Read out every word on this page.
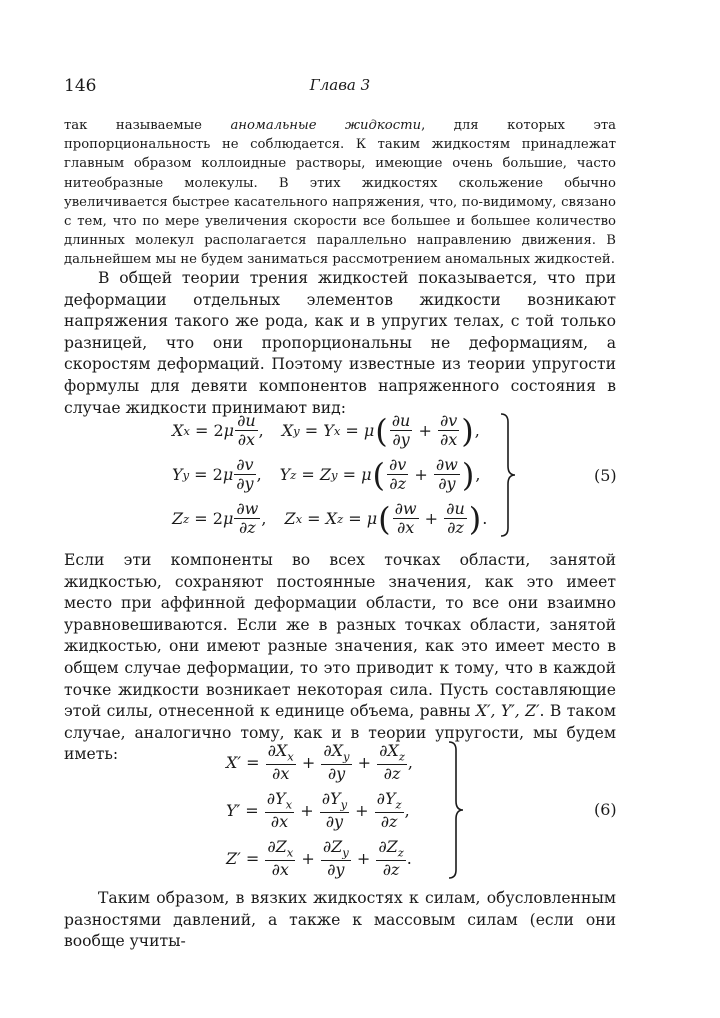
146	Глава 3

так называемые аномальные жидкости, для которых эта пропорциональность не соблюдается. К таким жидкостям принадлежат главным образом коллоидные растворы, имеющие очень большие, часто нитеобразные молекулы. В этих жидкостях скольжение обычно увеличивается быстрее касательного напряжения, что, по-видимому, связано с тем, что по мере увеличения скорости все большее и большее количество длинных молекул располагается параллельно направлению движения. В дальнейшем мы не будем заниматься рассмотрением аномальных жидкостей.

В общей теории трения жидкостей показывается, что при деформации отдельных элементов жидкости возникают напряжения такого же рода, как и в упругих телах, с той только разницей, что они пропорциональны не деформациям, а скоростям деформаций. Поэтому известные из теории упругости формулы для девяти компонентов напряженного состояния в случае жидкости принимают вид:

X x
=
2 μ $\frac{\partial u}{\partial x}$ , X y
= Y x
= μ ( $\frac{\partial u}{\partial y}$
+
$\frac{\partial v}{\partial x}$ ) ,
Y y
=
2 μ $\frac{\partial v}{\partial y}$ , Y z
= Z y
= μ ( $\frac{\partial v}{\partial z}$
+
$\frac{\partial w}{\partial y}$ ) ,
Z z
=
2 μ $\frac{\partial w}{\partial z}$ , Z x
= X z
= μ ( $\frac{\partial w}{\partial x}$
+
$\frac{\partial u}{\partial z}$ ) .
(5)

Если эти компоненты во всех точках области, занятой жидкостью, сохраняют постоянные значения, как это имеет место при аффинной деформации области, то все они взаимно уравновешиваются. Если же в разных точках области, занятой жидкостью, они имеют разные значения, как это имеет место в общем случае деформации, то это приводит к тому, что в каждой точке жидкости возникает некоторая сила. Пусть составляющие этой силы, отнесенной к единице объема, равны X′, Y′, Z′. В таком случае, аналогично тому, как и в теории упругости, мы будем иметь:	X′ =
$\frac{\partial X_x}{\partial x}$
+
$\frac{\partial X_y}{\partial y}$
+
$\frac{\partial X_z}{\partial z}$ ,
Y′ =
$\frac{\partial Y_x}{\partial x}$
+
$\frac{\partial Y_y}{\partial y}$
+
$\frac{\partial Y_z}{\partial z}$ ,
Z′ =
$\frac{\partial Z_x}{\partial x}$
+
$\frac{\partial Z_y}{\partial y}$
+
$\frac{\partial Z_z}{\partial z}$ .
(6)

Таким образом, в вязких жидкостях к силам, обусловленным разностями давлений, а также к массовым силам (если они вообще учиты-
